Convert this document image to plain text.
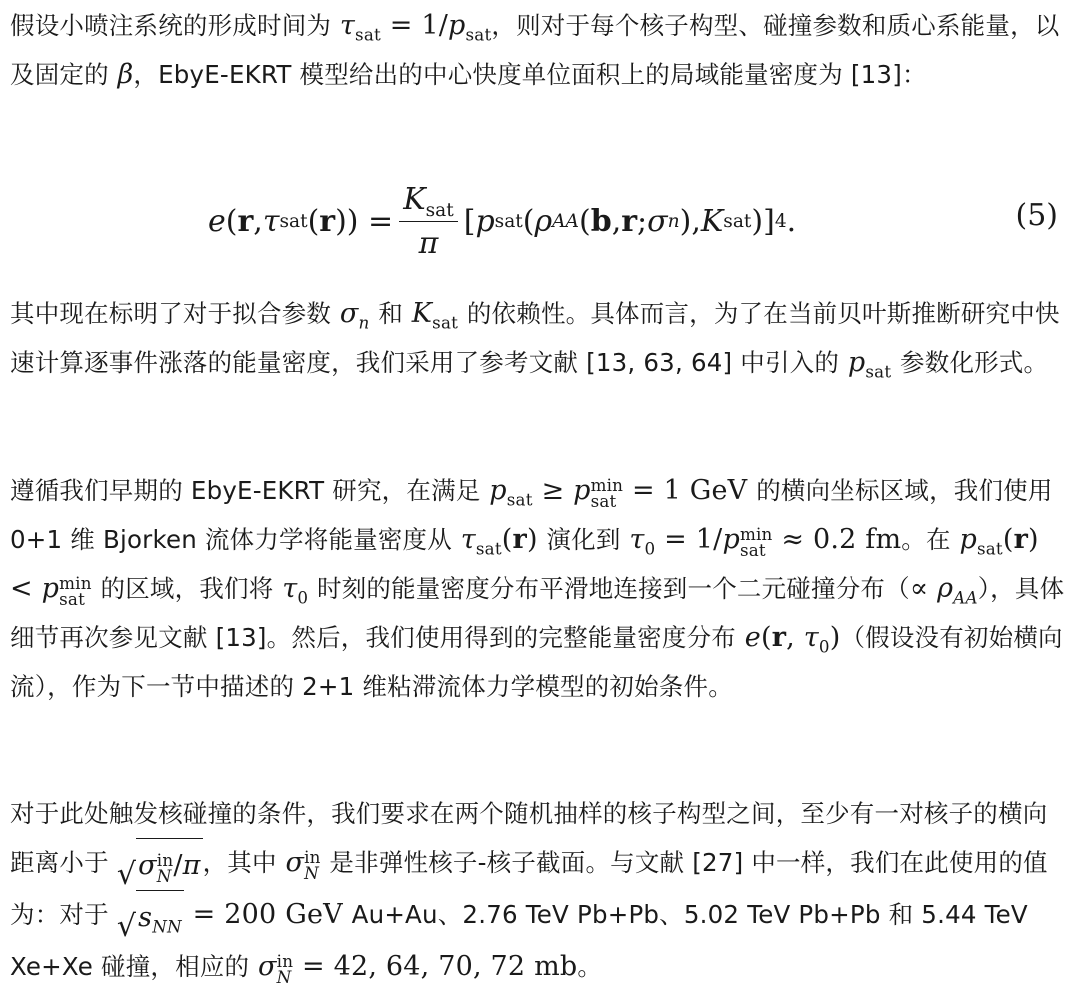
假设小喷注系统的形成时间为 $\tau_{sat} = 1/p_{sat}$，则对于每个核子构型、碰撞参数和质心系能量，以及固定的 β，EbyE-EKRT 模型给出的中心快度单位面积上的局域能量密度为 [13]：

e ( r , τ sat ( r )) = $\frac{K_{sat}}{\pi}$ [ p sat ( ρ AA ( b , r ; σ n ), K sat )] 4 .	(5)

其中现在标明了对于拟合参数 $\sigma_n$ 和 $K_{sat}$ 的依赖性。具体而言，为了在当前贝叶斯推断研究中快速计算逐事件涨落的能量密度，我们采用了参考文献 [13, 63, 64] 中引入的 $p_{sat}$ 参数化形式。

遵循我们早期的 EbyE-EKRT 研究，在满足 $p_{sat} \ge p$ min
sat = 1 GeV 的横向坐标区域，我们使用 0+1 维 Bjorken 流体力学将能量密度从 $\tau_{sat}(r)$ 演化到 $\tau_0 = 1/p$ min
sat ≈ 0.2 fm。在 $p_{sat}(r) < p$ min
sat 的区域，我们将 $\tau_0$ 时刻的能量密度分布平滑地连接到一个二元碰撞分布（∝ $\rho_{AA}$），具体细节再次参见文献 [13]。然后，我们使用得到的完整能量密度分布 e(r, $\tau_0$)（假设没有初始横向流），作为下一节中描述的 2+1 维粘滞流体力学模型的初始条件。

对于此处触发核碰撞的条件，我们要求在两个随机抽样的核子构型之间，至少有一对核子的横向距离小于 √ σ in
N /π ，其中 σ in
N 是非弹性核子-核子截面。与文献 [27] 中一样，我们在此使用的值为：对于 √ $s_{NN} = 200$ GeV Au+Au、2.76 TeV Pb+Pb、5.02 TeV Pb+Pb 和 5.44 TeV Xe+Xe 碰撞，相应的 σ in
N = 42, 64, 70, 72 mb。
